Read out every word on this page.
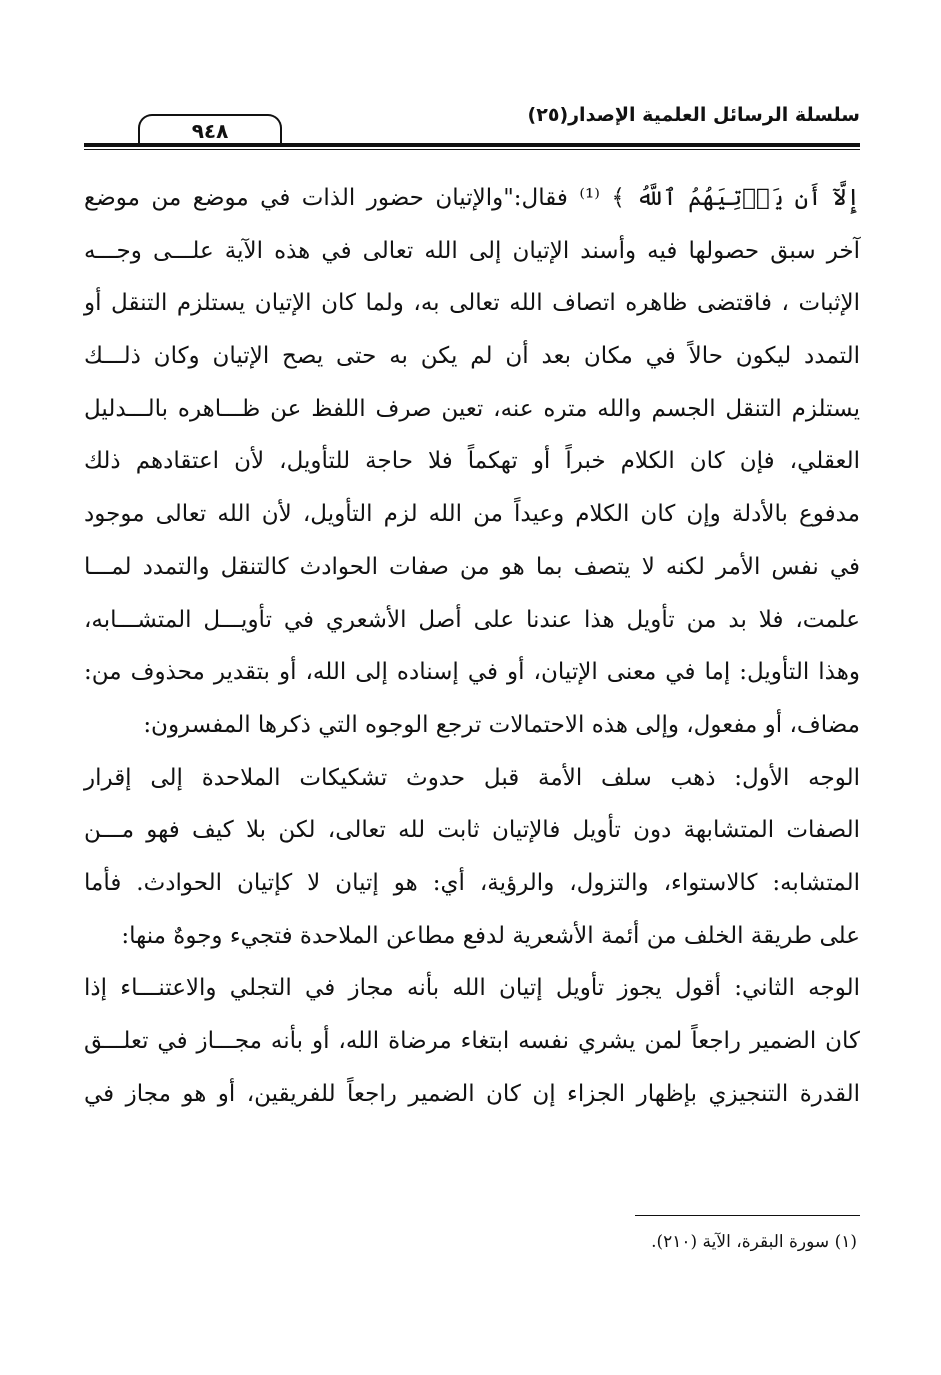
سلسلة الرسائل العلمية الإصدار(٢٥)
٩٤٨
إِلَّآ أَن يَأۡتِيَهُمُ ٱللَّهُ ﴾ ⁽¹⁾ فقال:"والإتيان حضور الذات في موضع من موضع
آخر سبق حصولها فيه وأسند الإتيان إلى الله تعالى في هذه الآية علـــى وجـــه
الإثبات ، فاقتضى ظاهره اتصاف الله تعالى به، ولما كان الإتيان يستلزم التنقل أو
التمدد ليكون حالاً في مكان بعد أن لم يكن به حتى يصح الإتيان وكان ذلـــك
يستلزم التنقل الجسم والله متره عنه، تعين صرف اللفظ عن ظـــاهره بالـــدليل
العقلي، فإن كان الكلام خبراً أو تهكماً فلا حاجة للتأويل، لأن اعتقادهم ذلك
مدفوع بالأدلة وإن كان الكلام وعيداً من الله لزم التأويل، لأن الله تعالى موجود
في نفس الأمر لكنه لا يتصف بما هو من صفات الحوادث كالتنقل والتمدد لمـــا
علمت، فلا بد من تأويل هذا عندنا على أصل الأشعري في تأويـــل المتشـــابه،
وهذا التأويل: إما في معنى الإتيان، أو في إسناده إلى الله، أو بتقدير محذوف من:
مضاف، أو مفعول، وإلى هذه الاحتمالات ترجع الوجوه التي ذكرها المفسرون:
الوجه الأول: ذهب سلف الأمة قبل حدوث تشكيكات الملاحدة إلى إقرار
الصفات المتشابهة دون تأويل فالإتيان ثابت لله تعالى، لكن بلا كيف فهو مـــن
المتشابه: كالاستواء، والتزول، والرؤية، أي: هو إتيان لا كإتيان الحوادث. فأما
على طريقة الخلف من أئمة الأشعرية لدفع مطاعن الملاحدة فتجيء وجوهٌ منها:
الوجه الثاني: أقول يجوز تأويل إتيان الله بأنه مجاز في التجلي والاعتنـــاء إذا
كان الضمير راجعاً لمن يشري نفسه ابتغاء مرضاة الله، أو بأنه مجـــاز في تعلـــق
القدرة التنجيزي بإظهار الجزاء إن كان الضمير راجعاً للفريقين، أو هو مجاز في
(١) سورة البقرة، الآية (٢١٠).
